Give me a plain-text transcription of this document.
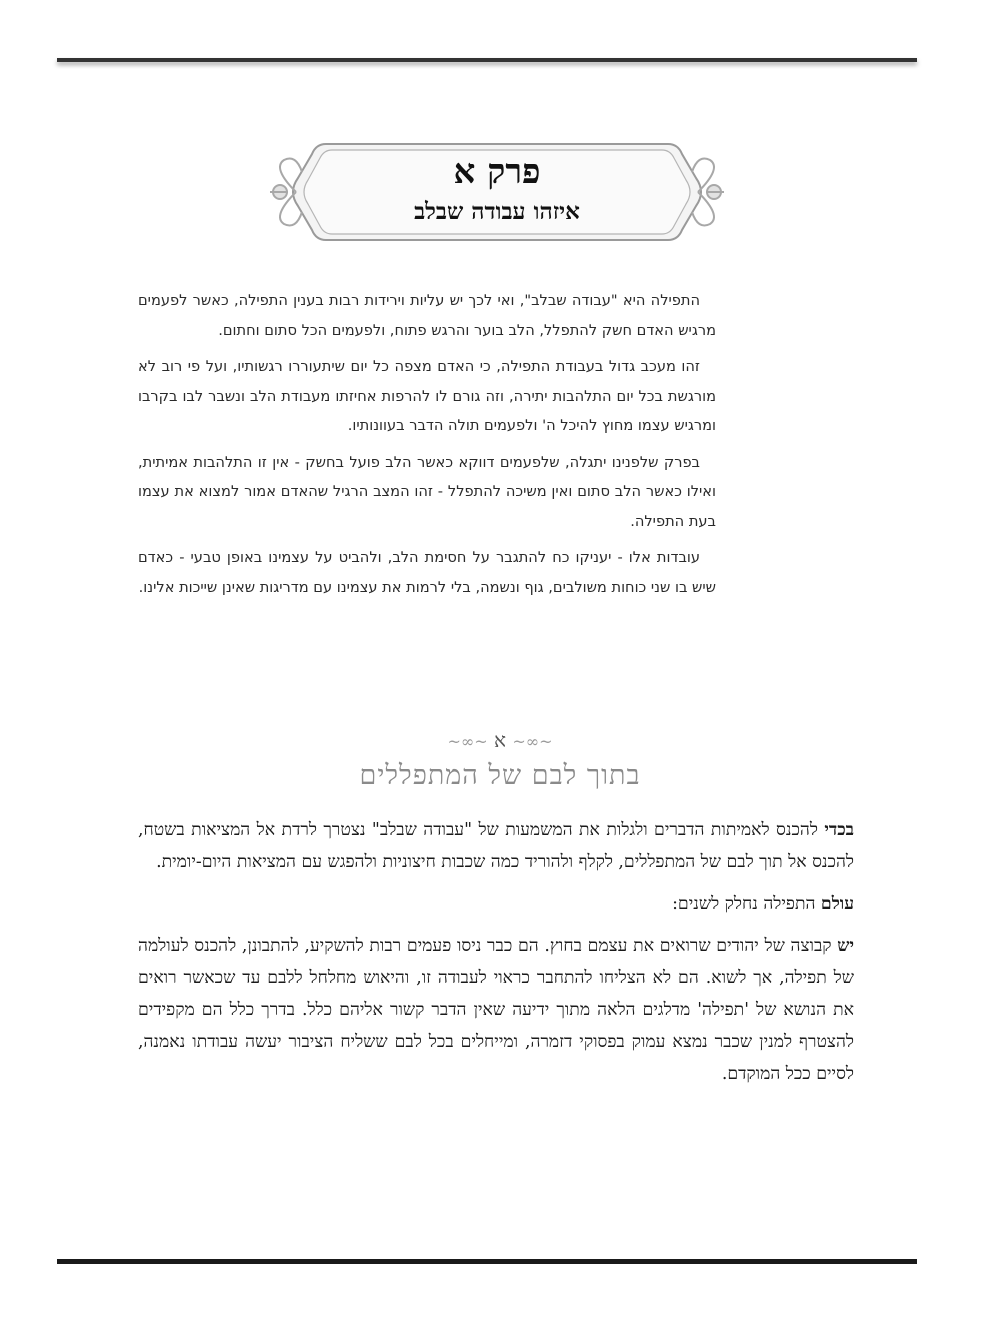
פרק א
איזהו עבודה שבלב

התפילה היא "עבודה שבלב", ואי לכך יש עליות וירידות רבות בענין התפילה, כאשר לפעמים מרגיש האדם חשק להתפלל, הלב בוער והרגש פתוח, ולפעמים הכל סתום וחתום.

זהו מעכב גדול בעבודת התפילה, כי האדם מצפה כל יום שיתעוררו רגשותיו, ועל פי רוב לא מורגשת בכל יום התלהבות יתירה, וזה גורם לו להרפות אחיזתו מעבודת הלב ונשבר לבו בקרבו ומרגיש עצמו מחוץ להיכל ה' ולפעמים תולה הדבר בעוונותיו.

בפרק שלפנינו יתגלה, שלפעמים דווקא כאשר הלב פועל בחשק - אין זו התלהבות אמיתית, ואילו כאשר הלב סתום ואין משיכה להתפלל - זהו המצב הרגיל שהאדם אמור למצוא את עצמו בעת התפילה.

עובדות אלו - יעניקו כח להתגבר על חסימת הלב, ולהביט על עצמינו באופן טבעי - כאדם שיש בו שני כוחות משולבים, גוף ונשמה, בלי לרמות את עצמינו עם מדריגות שאינן שייכות אלינו.

~∞~ א ~∞~
בתוך לבם של המתפללים

בכדי להכנס לאמיתות הדברים ולגלות את המשמעות של "עבודה שבלב" נצטרך לרדת אל המציאות בשטח, להכנס אל תוך לבם של המתפללים, לקלף ולהוריד כמה שכבות חיצוניות ולהפגש עם המציאות היום-יומית.

עולם התפילה נחלק לשנים:

יש קבוצה של יהודים שרואים את עצמם בחוץ. הם כבר ניסו פעמים רבות להשקיע, להתבונן, להכנס לעולמה של תפילה, אך לשוא. הם לא הצליחו להתחבר כראוי לעבודה זו, והיאוש מחלחל ללבם עד שכאשר רואים את הנושא של 'תפילה' מדלגים הלאה מתוך ידיעה שאין הדבר קשור אליהם כלל. בדרך כלל הם מקפידים להצטרף למנין שכבר נמצא עמוק בפסוקי דזמרה, ומייחלים בכל לבם ששליח הציבור יעשה עבודתו נאמנה, לסיים ככל המוקדם.
